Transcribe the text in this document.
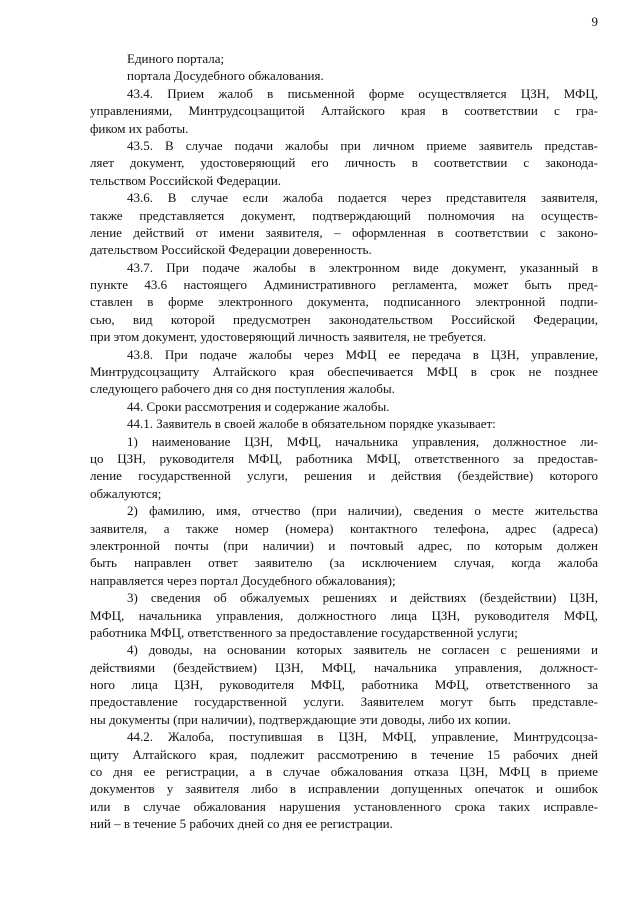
9
Единого портала;
портала Досудебного обжалования.
43.4. Прием жалоб в письменной форме осуществляется ЦЗН, МФЦ,
управлениями, Минтрудсоцзащитой Алтайского края в соответствии с гра-
фиком их работы.
43.5. В случае подачи жалобы при личном приеме заявитель представ-
ляет документ, удостоверяющий его личность в соответствии с законода-
тельством Российской Федерации.
43.6. В случае если жалоба подается через представителя заявителя,
также представляется документ, подтверждающий полномочия на осуществ-
ление действий от имени заявителя, – оформленная в соответствии с законо-
дательством Российской Федерации доверенность.
43.7. При подаче жалобы в электронном виде документ, указанный в
пункте 43.6 настоящего Административного регламента, может быть пред-
ставлен в форме электронного документа, подписанного электронной подпи-
сью, вид которой предусмотрен законодательством Российской Федерации,
при этом документ, удостоверяющий личность заявителя, не требуется.
43.8. При подаче жалобы через МФЦ ее передача в ЦЗН, управление,
Минтрудсоцзащиту Алтайского края обеспечивается МФЦ в срок не позднее
следующего рабочего дня со дня поступления жалобы.
44. Сроки рассмотрения и содержание жалобы.
44.1. Заявитель в своей жалобе в обязательном порядке указывает:
1) наименование ЦЗН, МФЦ, начальника управления, должностное ли-
цо ЦЗН, руководителя МФЦ, работника МФЦ, ответственного за предостав-
ление государственной услуги, решения и действия (бездействие) которого
обжалуются;
2) фамилию, имя, отчество (при наличии), сведения о месте жительства
заявителя, а также номер (номера) контактного телефона, адрес (адреса)
электронной почты (при наличии) и почтовый адрес, по которым должен
быть направлен ответ заявителю (за исключением случая, когда жалоба
направляется через портал Досудебного обжалования);
3) сведения об обжалуемых решениях и действиях (бездействии) ЦЗН,
МФЦ, начальника управления, должностного лица ЦЗН, руководителя МФЦ,
работника МФЦ, ответственного за предоставление государственной услуги;
4) доводы, на основании которых заявитель не согласен с решениями и
действиями (бездействием) ЦЗН, МФЦ, начальника управления, должност-
ного лица ЦЗН, руководителя МФЦ, работника МФЦ, ответственного за
предоставление государственной услуги. Заявителем могут быть представле-
ны документы (при наличии), подтверждающие эти доводы, либо их копии.
44.2. Жалоба, поступившая в ЦЗН, МФЦ, управление, Минтрудсоцза-
щиту Алтайского края, подлежит рассмотрению в течение 15 рабочих дней
со дня ее регистрации, а в случае обжалования отказа ЦЗН, МФЦ в приеме
документов у заявителя либо в исправлении допущенных опечаток и ошибок
или в случае обжалования нарушения установленного срока таких исправле-
ний – в течение 5 рабочих дней со дня ее регистрации.
